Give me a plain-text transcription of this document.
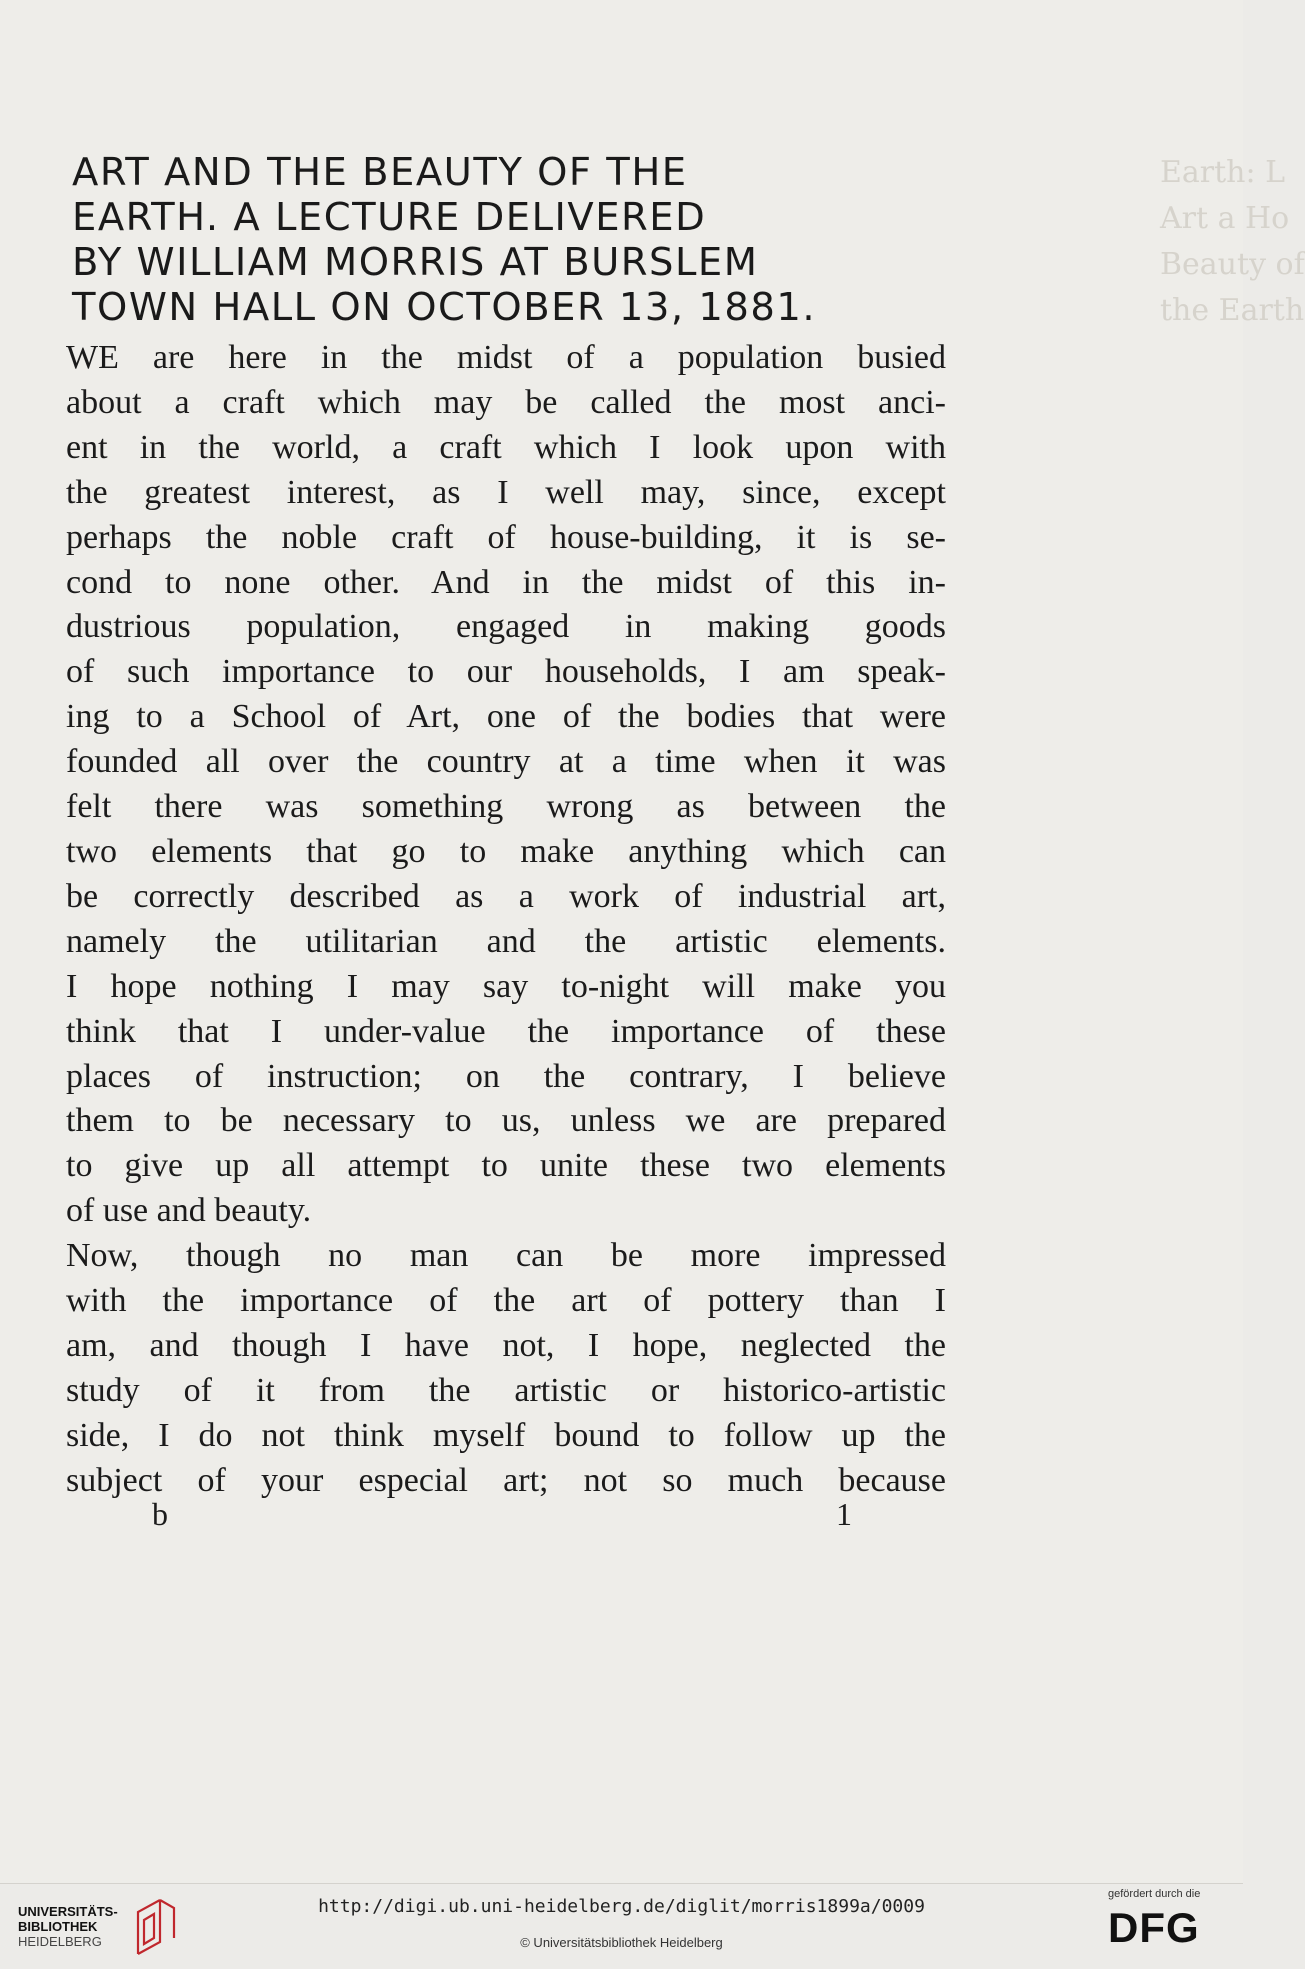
Earth: L
Art a Ho
Beauty of
the Earth
ART AND THE BEAUTY OF THE
EARTH. A LECTURE DELIVERED
BY WILLIAM MORRIS AT BURSLEM
TOWN HALL ON OCTOBER 13, 1881.
WE are here in the midst of a population busied
about a craft which may be called the most anci-
ent in the world, a craft which I look upon with
the greatest interest, as I well may, since, except
perhaps the noble craft of house-building, it is se-
cond to none other. And in the midst of this in-
dustrious population, engaged in making goods
of such importance to our households, I am speak-
ing to a School of Art, one of the bodies that were
founded all over the country at a time when it was
felt there was something wrong as between the
two elements that go to make anything which can
be correctly described as a work of industrial art,
namely the utilitarian and the artistic elements.
I hope nothing I may say to-night will make you
think that I under-value the importance of these
places of instruction; on the contrary, I believe
them to be necessary to us, unless we are prepared
to give up all attempt to unite these two elements
of use and beauty.
Now, though no man can be more impressed
with the importance of the art of pottery than I
am, and though I have not, I hope, neglected the
study of it from the artistic or historico-artistic
side, I do not think myself bound to follow up the
subject of your especial art; not so much because
b	1
UNIVERSITÄTS-
BIBLIOTHEK
HEIDELBERG
http://digi.ub.uni-heidelberg.de/diglit/morris1899a/0009
© Universitätsbibliothek Heidelberg
gefördert durch die
DFG
